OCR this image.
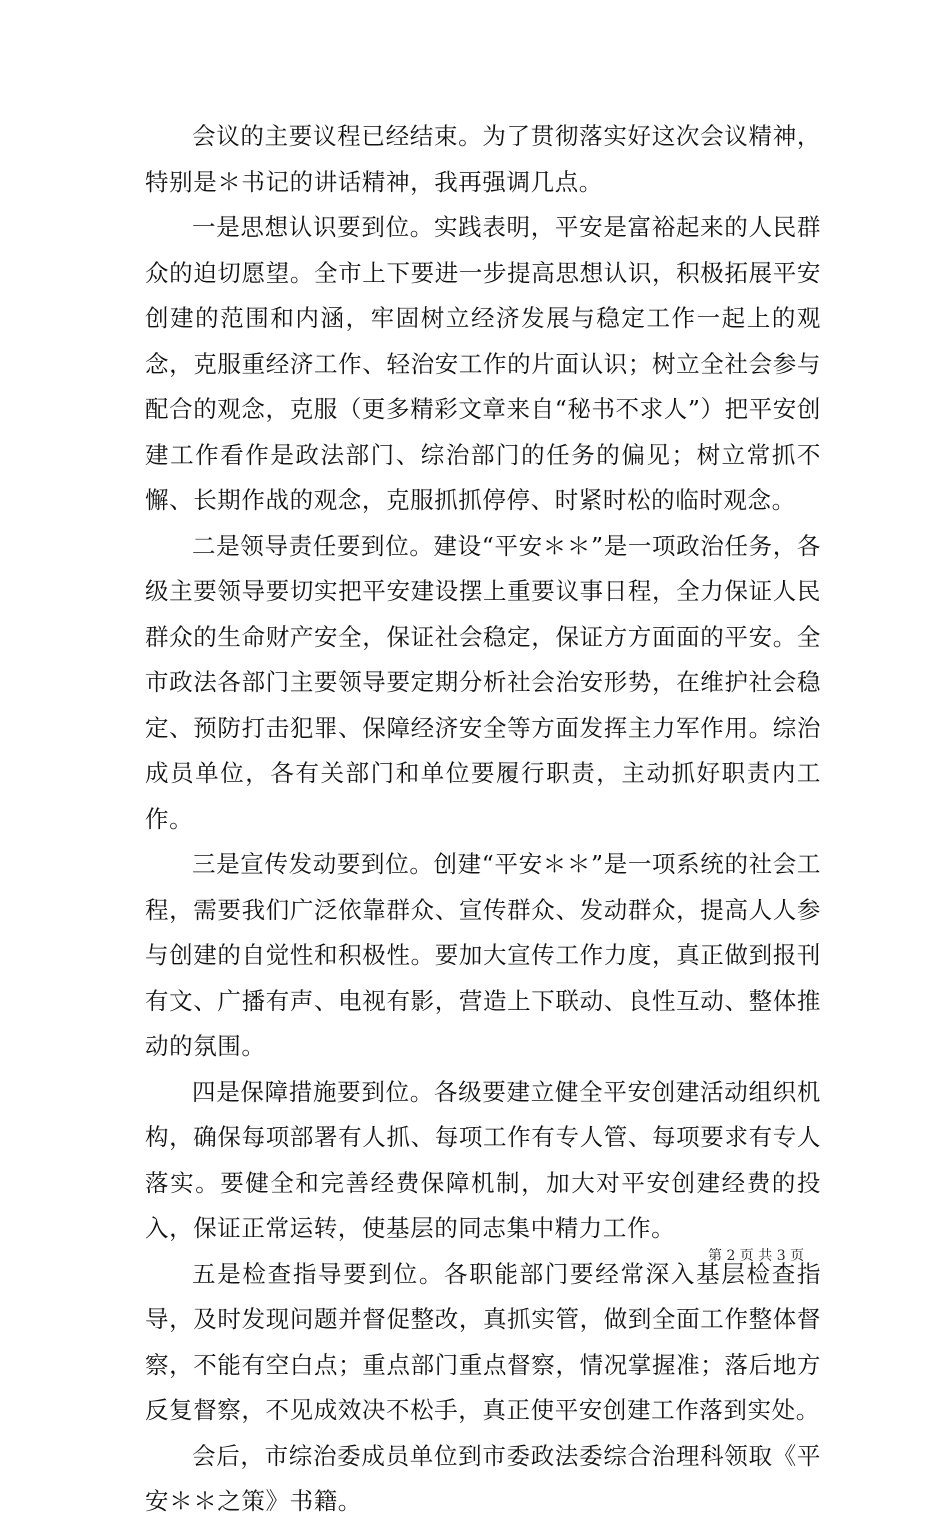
会议的主要议程已经结束。为了贯彻落实好这次会议精神，特别是＊书记的讲话精神，我再强调几点。

一是思想认识要到位。实践表明，平安是富裕起来的人民群众的迫切愿望。全市上下要进一步提高思想认识，积极拓展平安创建的范围和内涵，牢固树立经济发展与稳定工作一起上的观念，克服重经济工作、轻治安工作的片面认识；树立全社会参与配合的观念，克服（更多精彩文章来自“秘书不求人”）把平安创建工作看作是政法部门、综治部门的任务的偏见；树立常抓不懈、长期作战的观念，克服抓抓停停、时紧时松的临时观念。

二是领导责任要到位。建设“平安＊＊”是一项政治任务，各级主要领导要切实把平安建设摆上重要议事日程，全力保证人民群众的生命财产安全，保证社会稳定，保证方方面面的平安。全市政法各部门主要领导要定期分析社会治安形势，在维护社会稳定、预防打击犯罪、保障经济安全等方面发挥主力军作用。综治成员单位，各有关部门和单位要履行职责，主动抓好职责内工作。

三是宣传发动要到位。创建“平安＊＊”是一项系统的社会工程，需要我们广泛依靠群众、宣传群众、发动群众，提高人人参与创建的自觉性和积极性。要加大宣传工作力度，真正做到报刊有文、广播有声、电视有影，营造上下联动、良性互动、整体推动的氛围。

四是保障措施要到位。各级要建立健全平安创建活动组织机构，确保每项部署有人抓、每项工作有专人管、每项要求有专人落实。要健全和完善经费保障机制，加大对平安创建经费的投入，保证正常运转，使基层的同志集中精力工作。

五是检查指导要到位。各职能部门要经常深入基层检查指导，及时发现问题并督促整改，真抓实管，做到全面工作整体督察，不能有空白点；重点部门重点督察，情况掌握准；落后地方反复督察，不见成效决不松手，真正使平安创建工作落到实处。

会后，市综治委成员单位到市委政法委综合治理科领取《平安＊＊之策》书籍。

第 2 页 共 3 页
